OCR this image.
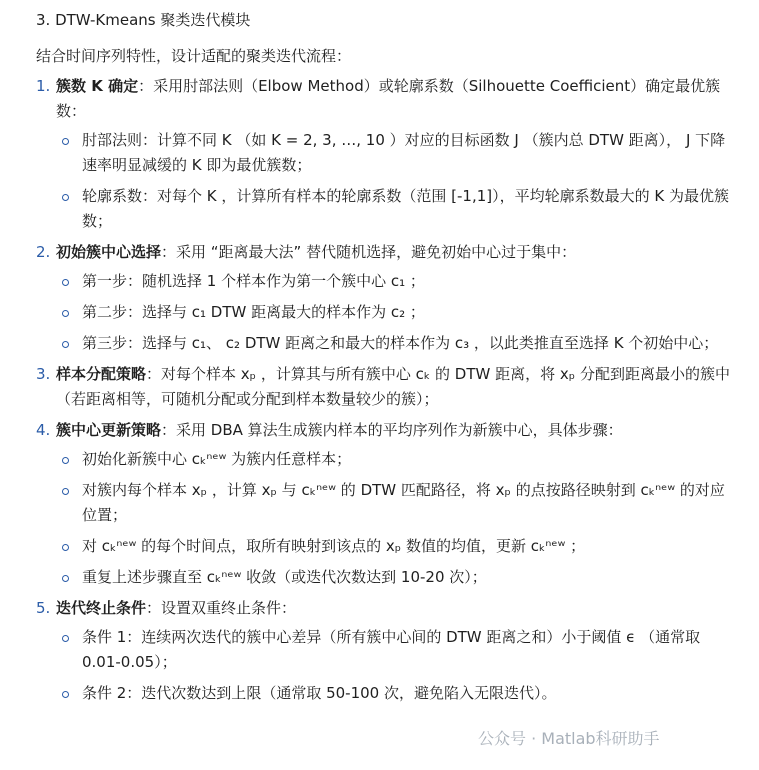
3. DTW-Kmeans 聚类迭代模块
结合时间序列特性，设计适配的聚类迭代流程：
1. 簇数 K 确定：采用肘部法则（Elbow Method）或轮廓系数（Silhouette Coefficient）确定最优簇数：
肘部法则：计算不同 K （如 K = 2, 3, …, 10 ）对应的目标函数 J （簇内总 DTW 距离）， J 下降速率明显减缓的 K 即为最优簇数；
轮廓系数：对每个 K ，计算所有样本的轮廓系数（范围 [-1,1]），平均轮廓系数最大的 K 为最优簇数；
2. 初始簇中心选择：采用 “距离最大法” 替代随机选择，避免初始中心过于集中：
第一步：随机选择 1 个样本作为第一个簇中心 c₁ ；
第二步：选择与 c₁ DTW 距离最大的样本作为 c₂ ；
第三步：选择与 c₁、 c₂ DTW 距离之和最大的样本作为 c₃ ，以此类推直至选择 K 个初始中心；
3. 样本分配策略：对每个样本 xₚ ，计算其与所有簇中心 cₖ 的 DTW 距离，将 xₚ 分配到距离最小的簇中（若距离相等，可随机分配或分配到样本数量较少的簇）；
4. 簇中心更新策略：采用 DBA 算法生成簇内样本的平均序列作为新簇中心，具体步骤：
初始化新簇中心 cₖⁿᵉʷ 为簇内任意样本；
对簇内每个样本 xₚ ，计算 xₚ 与 cₖⁿᵉʷ 的 DTW 匹配路径，将 xₚ 的点按路径映射到 cₖⁿᵉʷ 的对应位置；
对 cₖⁿᵉʷ 的每个时间点，取所有映射到该点的 xₚ 数值的均值，更新 cₖⁿᵉʷ ；
重复上述步骤直至 cₖⁿᵉʷ 收敛（或迭代次数达到 10-20 次）；
5. 迭代终止条件：设置双重终止条件：
条件 1：连续两次迭代的簇中心差异（所有簇中心间的 DTW 距离之和）小于阈值 ϵ （通常取 0.01-0.05）；
条件 2：迭代次数达到上限（通常取 50-100 次，避免陷入无限迭代）。
公众号 · Matlab科研助手
